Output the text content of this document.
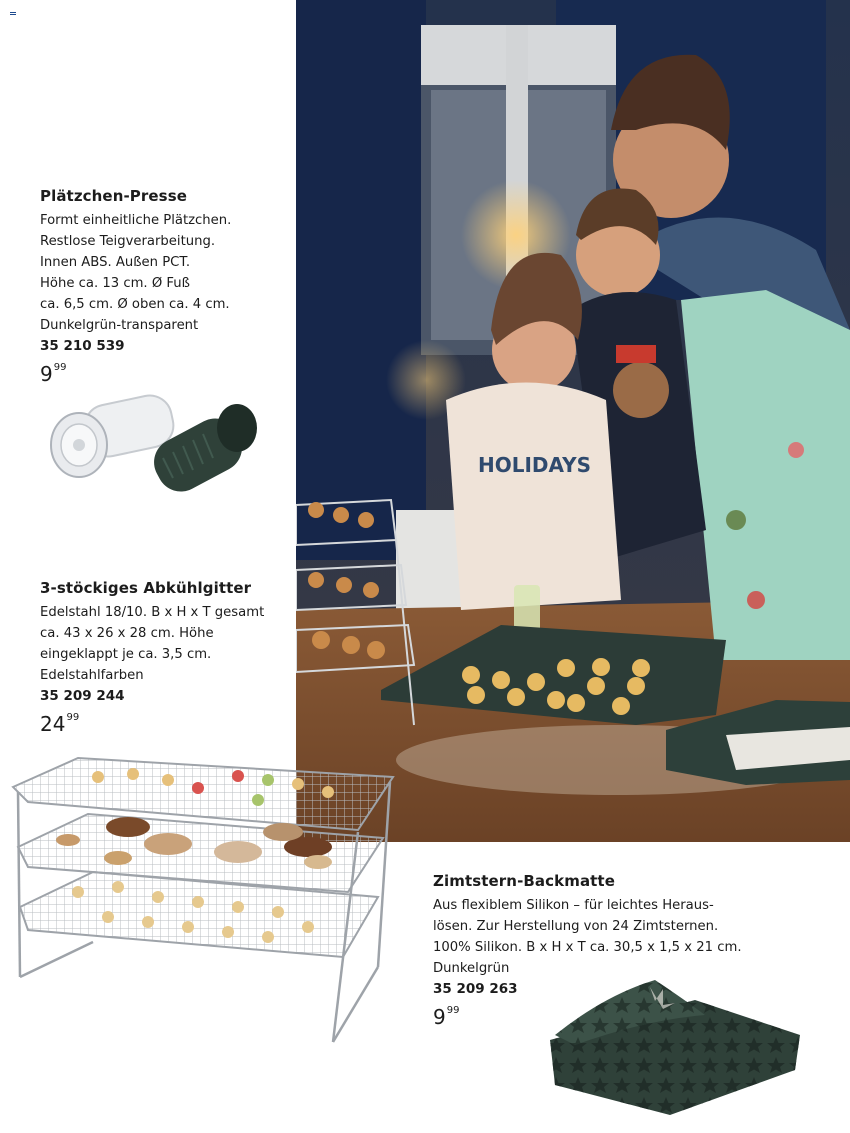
HOLIDAYS
Plätzchen-Presse
Formt einheitliche Plätzchen.
Restlose Teigverarbeitung.
Innen ABS. Außen PCT.
Höhe ca. 13 cm. Ø Fuß
ca. 6,5 cm. Ø oben ca. 4 cm.
Dunkelgrün-transparent
35 210 539
$9^{99}$
3-stöckiges Abkühlgitter
Edelstahl 18/10. B x H x T gesamt
ca. 43 x 26 x 28 cm. Höhe
eingeklappt je ca. 3,5 cm.
Edelstahlfarben
35 209 244
$24^{99}$
Zimtstern-Backmatte
Aus flexiblem Silikon – für leichtes Heraus-
lösen. Zur Herstellung von 24 Zimtsternen.
100% Silikon. B x H x T ca. 30,5 x 1,5 x 21 cm.
Dunkelgrün
35 209 263
$9^{99}$
